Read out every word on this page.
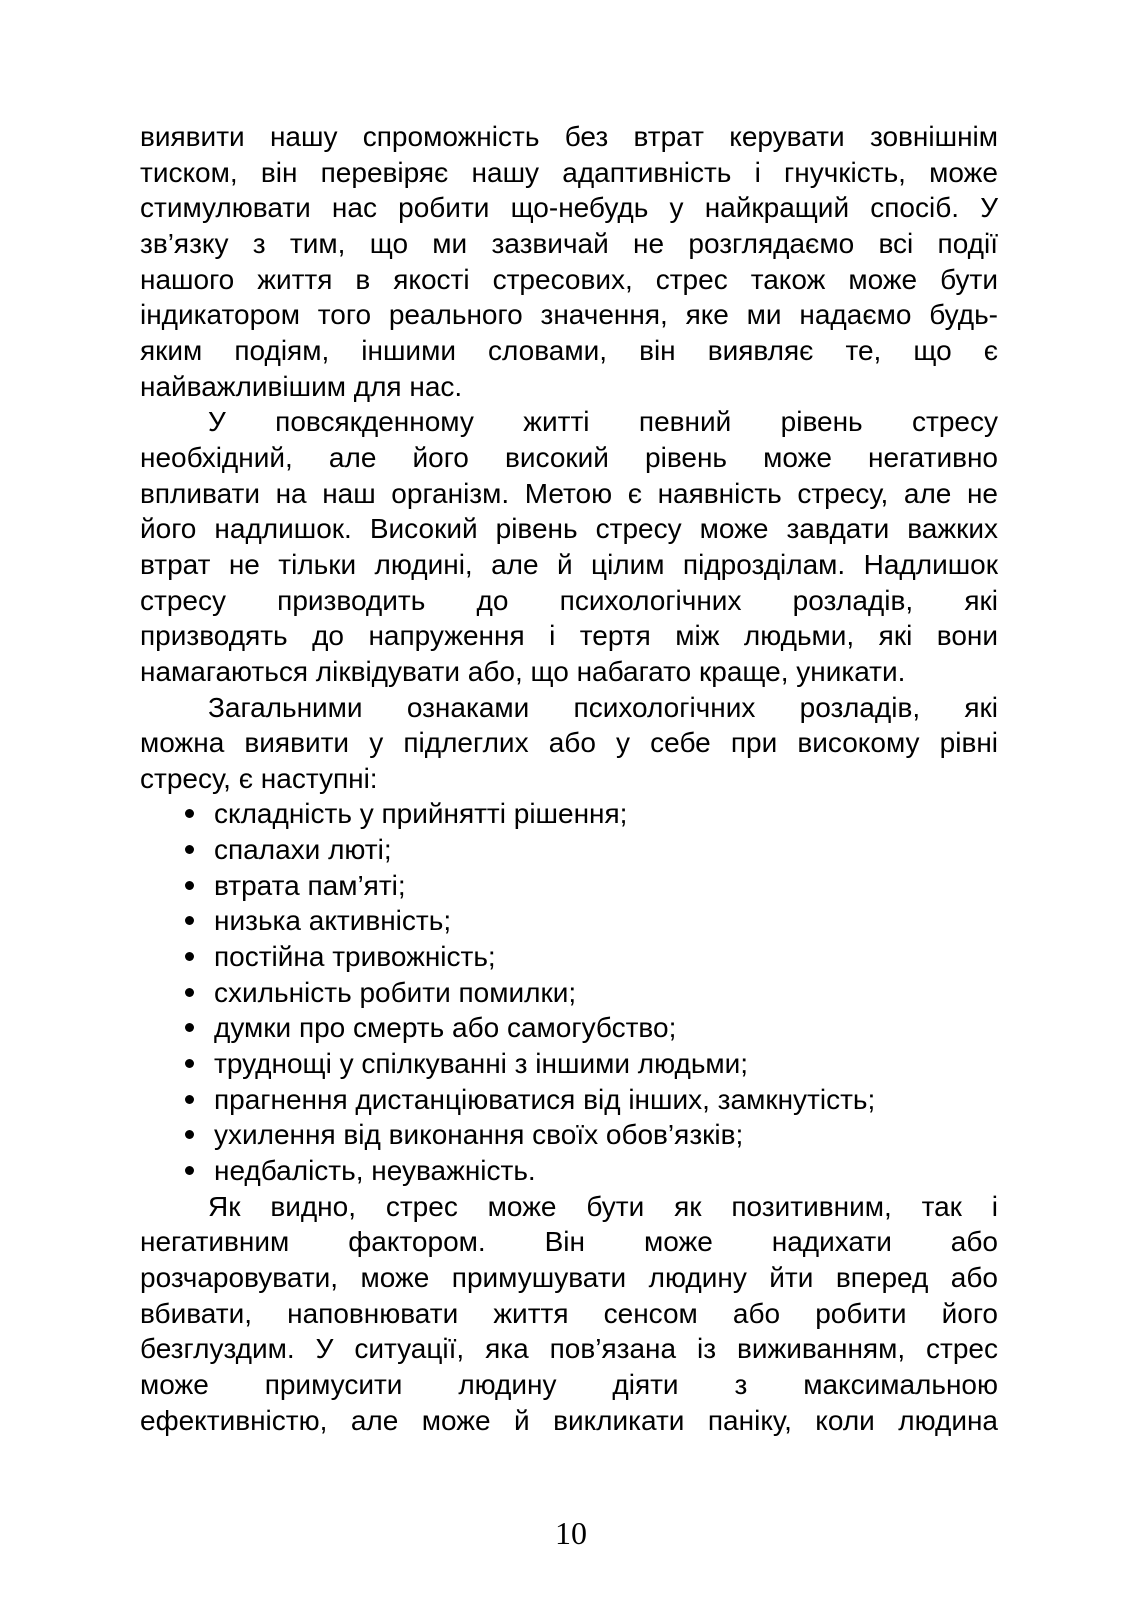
виявити нашу спроможність без втрат керувати зовнішнім
тиском, він перевіряє нашу адаптивність і гнучкість, може
стимулювати нас робити що-небудь у найкращий спосіб. У
зв’язку з тим, що ми зазвичай не розглядаємо всі події
нашого життя в якості стресових, стрес також може бути
індикатором того реального значення, яке ми надаємо будь-
яким подіям, іншими словами, він виявляє те, що є
найважливішим для нас.
У повсякденному житті певний рівень стресу
необхідний, але його високий рівень може негативно
впливати на наш організм. Метою є наявність стресу, але не
його надлишок. Високий рівень стресу може завдати важких
втрат не тільки людині, але й цілим підрозділам. Надлишок
стресу призводить до психологічних розладів, які
призводять до напруження і тертя між людьми, які вони
намагаються ліквідувати або, що набагато краще, уникати.
Загальними ознаками психологічних розладів, які
можна виявити у підлеглих або у себе при високому рівні
стресу, є наступні:
складність у прийнятті рішення;
спалахи люті;
втрата пам’яті;
низька активність;
постійна тривожність;
схильність робити помилки;
думки про смерть або самогубство;
труднощі у спілкуванні з іншими людьми;
прагнення дистанціюватися від інших, замкнутість;
ухилення від виконання своїх обов’язків;
недбалість, неуважність.
Як видно, стрес може бути як позитивним, так і
негативним фактором. Він може надихати або
розчаровувати, може примушувати людину йти вперед або
вбивати, наповнювати життя сенсом або робити його
безглуздим. У ситуації, яка пов’язана із виживанням, стрес
може примусити людину діяти з максимальною
ефективністю, але може й викликати паніку, коли людина
10
